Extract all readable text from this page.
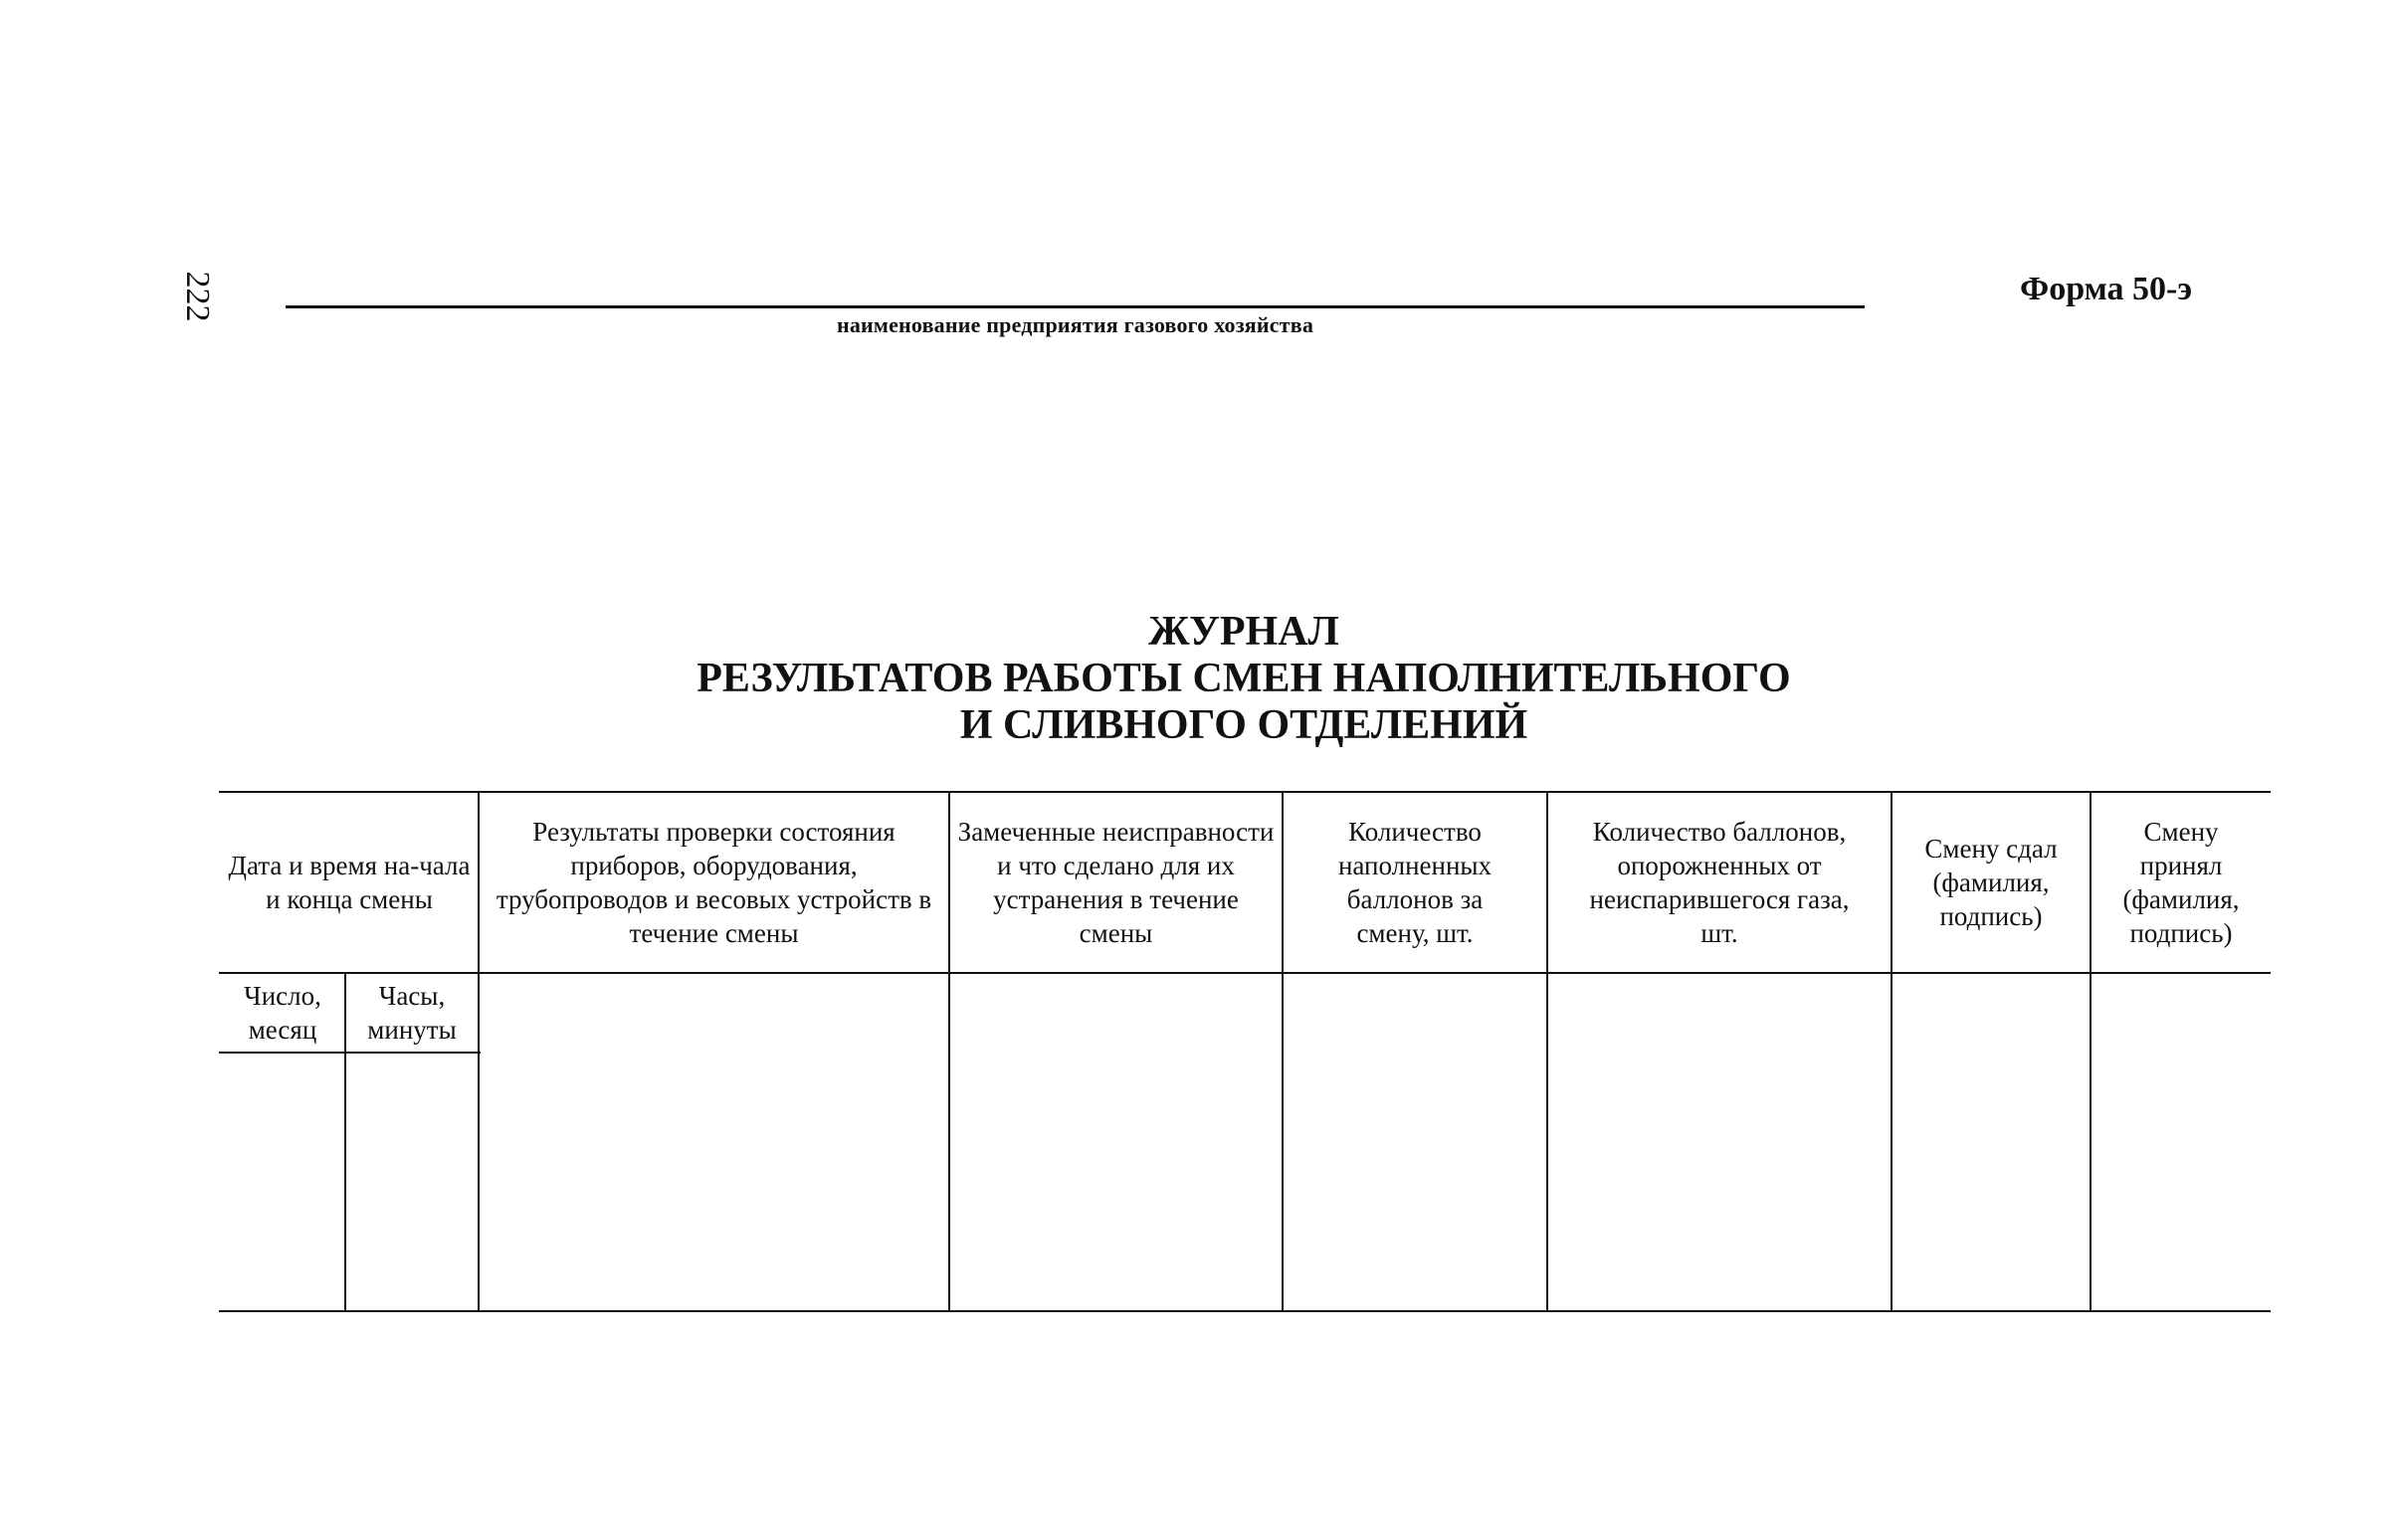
222
наименование предприятия газового хозяйства
Форма 50-э
ЖУРНАЛ
РЕЗУЛЬТАТОВ РАБОТЫ СМЕН НАПОЛНИТЕЛЬНОГО
И СЛИВНОГО ОТДЕЛЕНИЙ
Дата и время на-чала и конца смены
Результаты проверки состояния приборов, оборудования, трубопроводов и весовых устройств в течение смены
Замеченные неисправности и что сделано для их устранения в течение смены
Количество наполненных баллонов за смену, шт.
Количество баллонов, опорожненных от неиспарившегося газа, шт.
Смену сдал (фамилия, подпись)
Смену принял (фамилия, подпись)
Число, месяц
Часы, минуты
